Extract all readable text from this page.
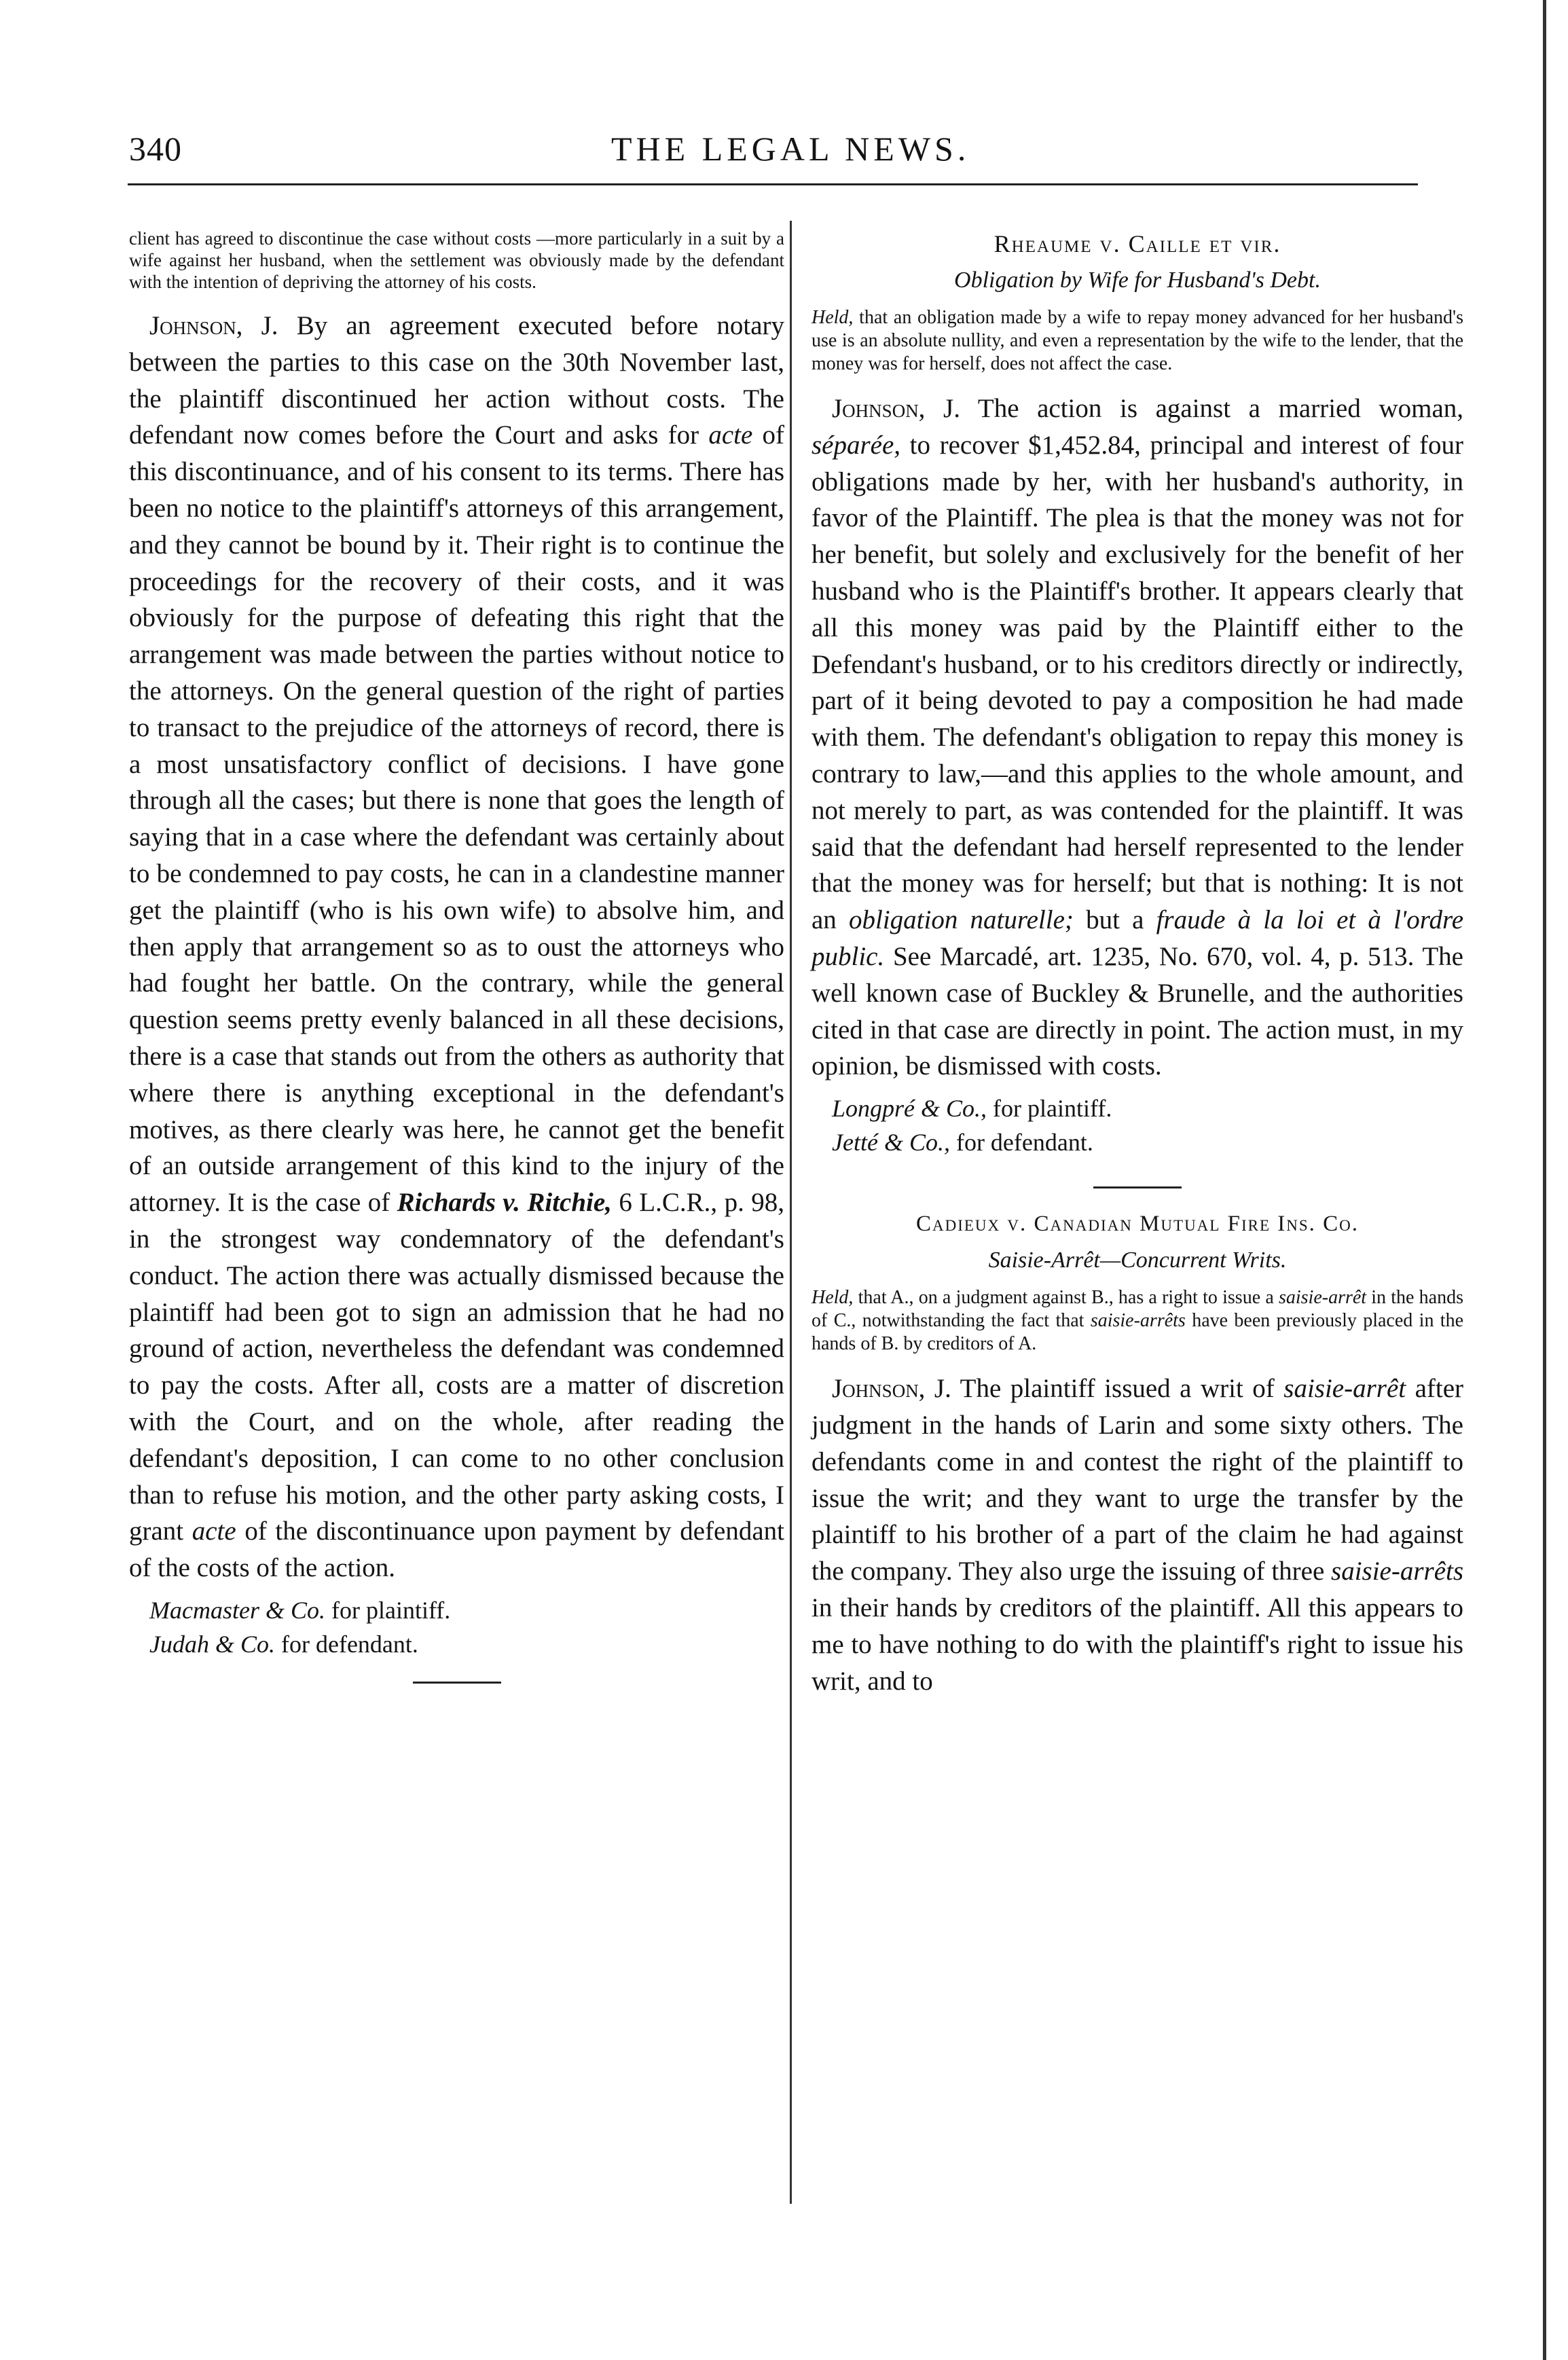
340	THE LEGAL NEWS.

client has agreed to discontinue the case without costs —more particularly in a suit by a wife against her husband, when the settlement was obviously made by the defendant with the intention of depriving the attorney of his costs.

Johnson, J. By an agreement executed before notary between the parties to this case on the 30th November last, the plaintiff discontinued her action without costs. The defendant now comes before the Court and asks for acte of this discontinuance, and of his consent to its terms. There has been no notice to the plaintiff's attorneys of this arrangement, and they cannot be bound by it. Their right is to continue the proceedings for the recovery of their costs, and it was obviously for the purpose of defeating this right that the arrangement was made between the parties without notice to the attorneys. On the general question of the right of parties to transact to the prejudice of the attorneys of record, there is a most unsatisfactory conflict of decisions. I have gone through all the cases; but there is none that goes the length of saying that in a case where the defendant was certainly about to be condemned to pay costs, he can in a clandestine manner get the plaintiff (who is his own wife) to absolve him, and then apply that arrangement so as to oust the attorneys who had fought her battle. On the contrary, while the general question seems pretty evenly balanced in all these decisions, there is a case that stands out from the others as authority that where there is anything exceptional in the defendant's motives, as there clearly was here, he cannot get the benefit of an outside arrangement of this kind to the injury of the attorney. It is the case of Richards v. Ritchie, 6 L.C.R., p. 98, in the strongest way condemnatory of the defendant's conduct. The action there was actually dismissed because the plaintiff had been got to sign an admission that he had no ground of action, nevertheless the defendant was condemned to pay the costs. After all, costs are a matter of discretion with the Court, and on the whole, after reading the defendant's deposition, I can come to no other conclusion than to refuse his motion, and the other party asking costs, I grant acte of the discontinuance upon payment by defendant of the costs of the action.

Macmaster & Co. for plaintiff.

Judah & Co. for defendant.

Rheaume v. Caille et vir.

Obligation by Wife for Husband's Debt.

Held, that an obligation made by a wife to repay money advanced for her husband's use is an absolute nullity, and even a representation by the wife to the lender, that the money was for herself, does not affect the case.

Johnson, J. The action is against a married woman, séparée, to recover $1,452.84, principal and interest of four obligations made by her, with her husband's authority, in favor of the Plaintiff. The plea is that the money was not for her benefit, but solely and exclusively for the benefit of her husband who is the Plaintiff's brother. It appears clearly that all this money was paid by the Plaintiff either to the Defendant's husband, or to his creditors directly or indirectly, part of it being devoted to pay a composition he had made with them. The defendant's obligation to repay this money is contrary to law,—and this applies to the whole amount, and not merely to part, as was contended for the plaintiff. It was said that the defendant had herself represented to the lender that the money was for herself; but that is nothing: It is not an obligation naturelle; but a fraude à la loi et à l'ordre public. See Marcadé, art. 1235, No. 670, vol. 4, p. 513. The well known case of Buckley & Brunelle, and the authorities cited in that case are directly in point. The action must, in my opinion, be dismissed with costs.

Longpré & Co., for plaintiff.

Jetté & Co., for defendant.

Cadieux v. Canadian Mutual Fire Ins. Co.

Saisie-Arrêt—Concurrent Writs.

Held, that A., on a judgment against B., has a right to issue a saisie-arrêt in the hands of C., notwithstanding the fact that saisie-arrêts have been previously placed in the hands of B. by creditors of A.

Johnson, J. The plaintiff issued a writ of saisie-arrêt after judgment in the hands of Larin and some sixty others. The defendants come in and contest the right of the plaintiff to issue the writ; and they want to urge the transfer by the plaintiff to his brother of a part of the claim he had against the company. They also urge the issuing of three saisie-arrêts in their hands by creditors of the plaintiff. All this appears to me to have nothing to do with the plaintiff's right to issue his writ, and to
